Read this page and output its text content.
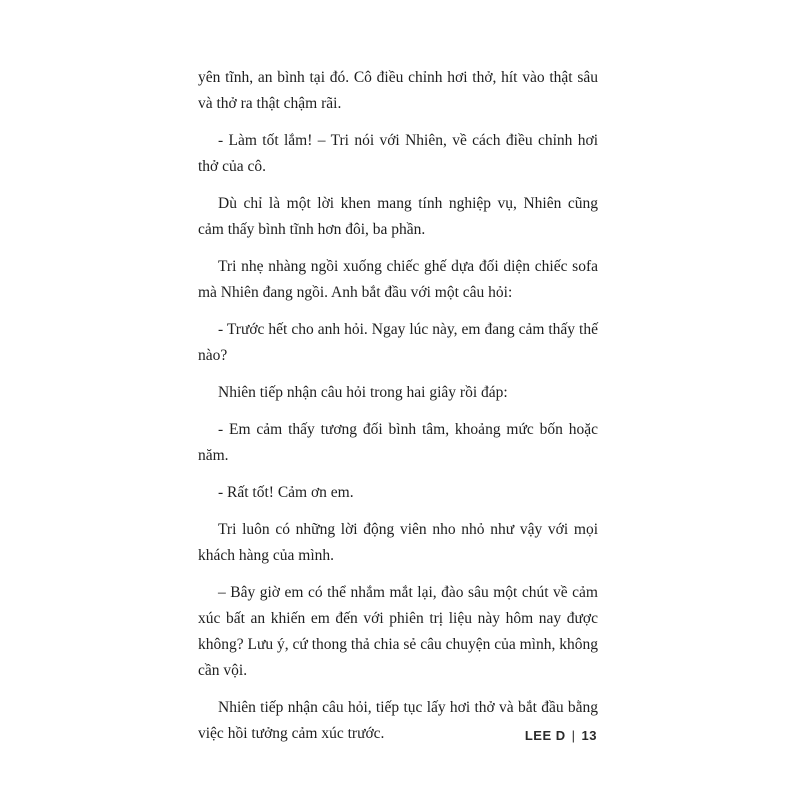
yên tĩnh, an bình tại đó. Cô điều chỉnh hơi thở, hít vào thật sâu và thở ra thật chậm rãi.

- Làm tốt lắm! – Tri nói với Nhiên, về cách điều chỉnh hơi thở của cô.

Dù chỉ là một lời khen mang tính nghiệp vụ, Nhiên cũng cảm thấy bình tĩnh hơn đôi, ba phần.

Tri nhẹ nhàng ngồi xuống chiếc ghế dựa đối diện chiếc sofa mà Nhiên đang ngồi. Anh bắt đầu với một câu hỏi:

- Trước hết cho anh hỏi. Ngay lúc này, em đang cảm thấy thế nào?

Nhiên tiếp nhận câu hỏi trong hai giây rồi đáp:

- Em cảm thấy tương đối bình tâm, khoảng mức bốn hoặc năm.

- Rất tốt! Cảm ơn em.

Tri luôn có những lời động viên nho nhỏ như vậy với mọi khách hàng của mình.

– Bây giờ em có thể nhắm mắt lại, đào sâu một chút về cảm xúc bất an khiến em đến với phiên trị liệu này hôm nay được không? Lưu ý, cứ thong thả chia sẻ câu chuyện của mình, không cần vội.

Nhiên tiếp nhận câu hỏi, tiếp tục lấy hơi thở và bắt đầu bằng việc hồi tưởng cảm xúc trước.	LEE D | 13
